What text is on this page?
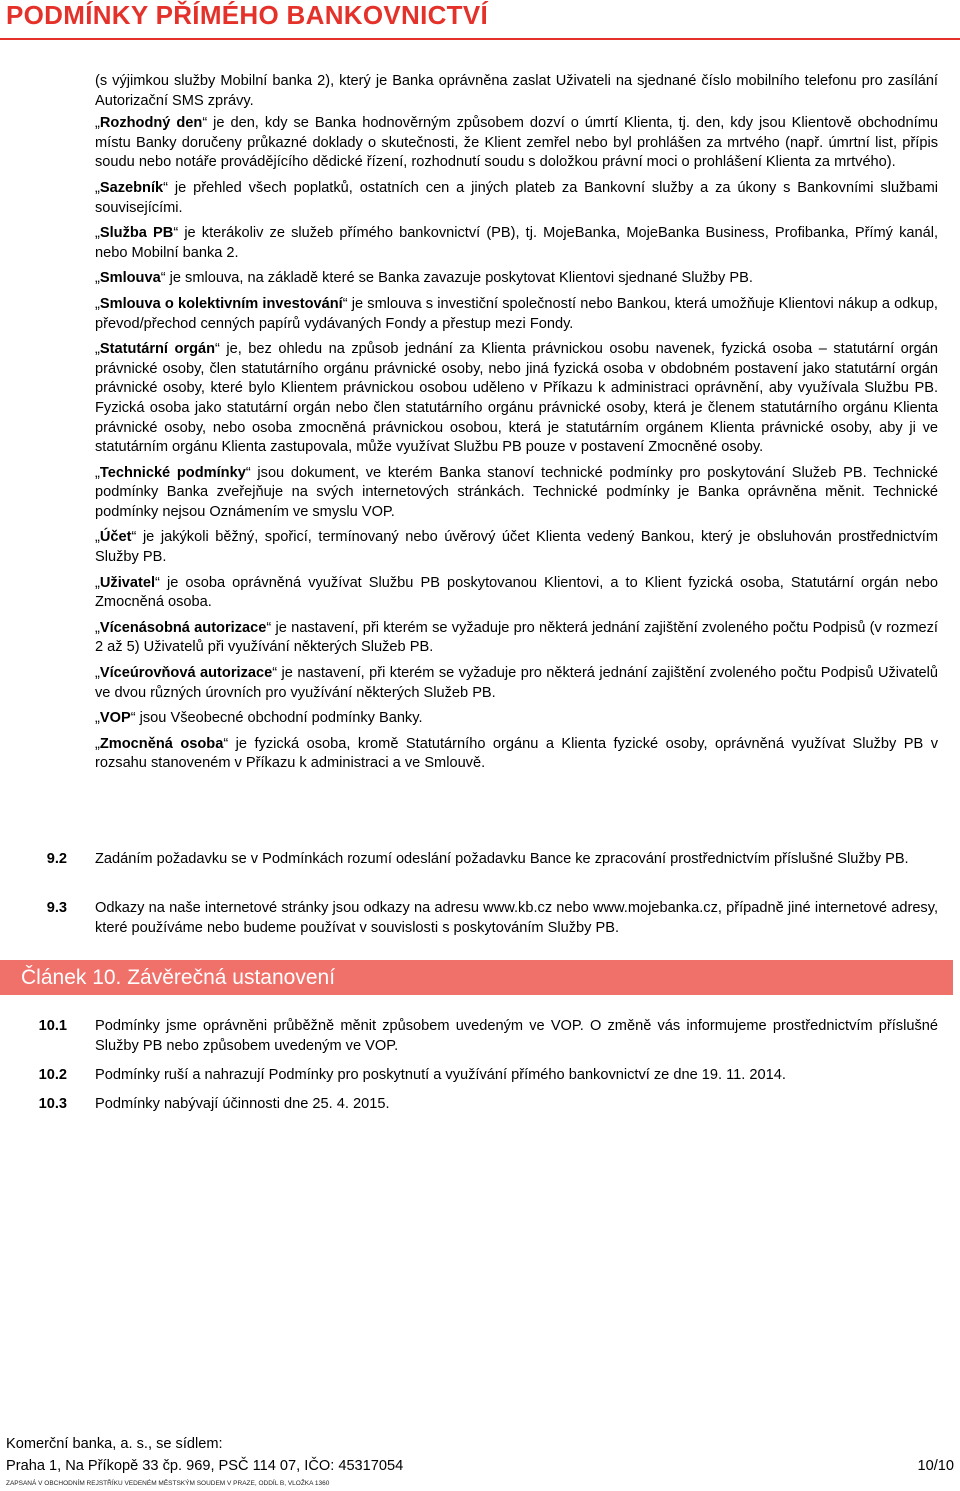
PODMÍNKY PŘÍMÉHO BANKOVNICTVÍ

(s výjimkou služby Mobilní banka 2), který je Banka oprávněna zaslat Uživateli na sjednané číslo mobilního telefonu pro zasílání Autorizační SMS zprávy.

„Rozhodný den“ je den, kdy se Banka hodnověrným způsobem dozví o úmrtí Klienta, tj. den, kdy jsou Klientově obchodnímu místu Banky doručeny průkazné doklady o skutečnosti, že Klient zemřel nebo byl prohlášen za mrtvého (např. úmrtní list, přípis soudu nebo notáře provádějícího dědické řízení, rozhodnutí soudu s doložkou právní moci o prohlášení Klienta za mrtvého).

„Sazebník“ je přehled všech poplatků, ostatních cen a jiných plateb za Bankovní služby a za úkony s Bankovními službami souvisejícími.

„Služba PB“ je kterákoliv ze služeb přímého bankovnictví (PB), tj. MojeBanka, MojeBanka Business, Profibanka, Přímý kanál, nebo Mobilní banka 2.

„Smlouva“ je smlouva, na základě které se Banka zavazuje poskytovat Klientovi sjednané Služby PB.

„Smlouva o kolektivním investování“ je smlouva s investiční společností nebo Bankou, která umožňuje Klientovi nákup a odkup, převod/přechod cenných papírů vydávaných Fondy a přestup mezi Fondy.

„Statutární orgán“ je, bez ohledu na způsob jednání za Klienta právnickou osobu navenek, fyzická osoba – statutární orgán právnické osoby, člen statutárního orgánu právnické osoby, nebo jiná fyzická osoba v obdobném postavení jako statutární orgán právnické osoby, které bylo Klientem právnickou osobou uděleno v Příkazu k administraci oprávnění, aby využívala Službu PB. Fyzická osoba jako statutární orgán nebo člen statutárního orgánu právnické osoby, která je členem statutárního orgánu Klienta právnické osoby, nebo osoba zmocněná právnickou osobou, která je statutárním orgánem Klienta právnické osoby, aby ji ve statutárním orgánu Klienta zastupovala, může využívat Službu PB pouze v postavení Zmocněné osoby.

„Technické podmínky“ jsou dokument, ve kterém Banka stanoví technické podmínky pro poskytování Služeb PB. Technické podmínky Banka zveřejňuje na svých internetových stránkách. Technické podmínky je Banka oprávněna měnit. Technické podmínky nejsou Oznámením ve smyslu VOP.

„Účet“ je jakýkoli běžný, spořicí, termínovaný nebo úvěrový účet Klienta vedený Bankou, který je obsluhován prostřednictvím Služby PB.

„Uživatel“ je osoba oprávněná využívat Službu PB poskytovanou Klientovi, a to Klient fyzická osoba, Statutární orgán nebo Zmocněná osoba.

„Vícenásobná autorizace“ je nastavení, při kterém se vyžaduje pro některá jednání zajištění zvoleného počtu Podpisů (v rozmezí 2 až 5) Uživatelů při využívání některých Služeb PB.

„Víceúrovňová autorizace“ je nastavení, při kterém se vyžaduje pro některá jednání zajištění zvoleného počtu Podpisů Uživatelů ve dvou různých úrovních pro využívání některých Služeb PB.

„VOP“ jsou Všeobecné obchodní podmínky Banky.

„Zmocněná osoba“ je fyzická osoba, kromě Statutárního orgánu a Klienta fyzické osoby, oprávněná využívat Služby PB v rozsahu stanoveném v Příkazu k administraci a ve Smlouvě.

9.2 Zadáním požadavku se v Podmínkách rozumí odeslání požadavku Bance ke zpracování prostřednictvím příslušné Služby PB.
9.3 Odkazy na naše internetové stránky jsou odkazy na adresu www.kb.cz nebo www.mojebanka.cz, případně jiné internetové adresy, které používáme nebo budeme používat v souvislosti s poskytováním Služby PB.
Článek 10. Závěrečná ustanovení
10.1 Podmínky jsme oprávněni průběžně měnit způsobem uvedeným ve VOP. O změně vás informujeme prostřednictvím příslušné Služby PB nebo způsobem uvedeným ve VOP.
10.2 Podmínky ruší a nahrazují Podmínky pro poskytnutí a využívání přímého bankovnictví ze dne 19. 11. 2014.
10.3 Podmínky nabývají účinnosti dne 25. 4. 2015.
Komerční banka, a. s., se sídlem:
Praha 1, Na Příkopě 33 čp. 969, PSČ 114 07, IČO: 45317054
ZAPSANÁ V OBCHODNÍM REJSTŘÍKU VEDENÉM MĚSTSKÝM SOUDEM V PRAZE, ODDÍL B, VLOŽKA 1360
10/10
